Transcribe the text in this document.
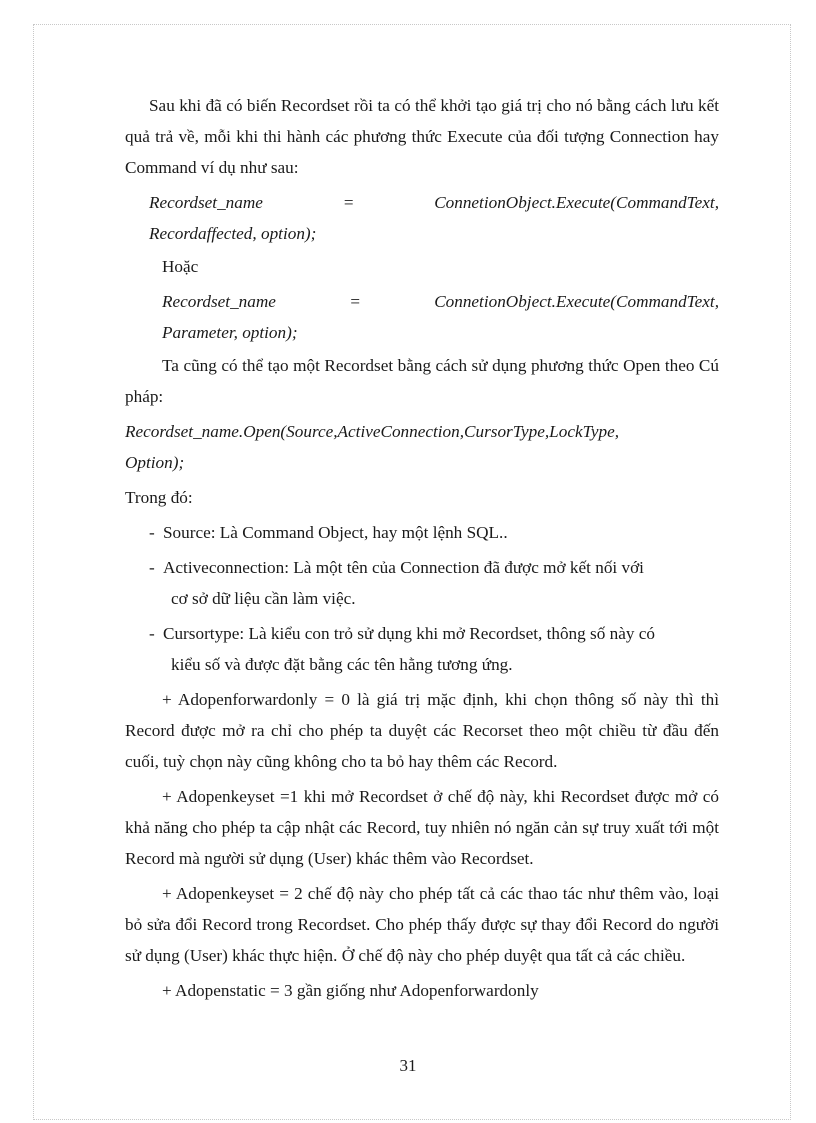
Sau khi đã có biến Recordset rồi ta có thể khởi tạo giá trị cho nó bằng cách lưu kết quả trả về, mỗi khi thi hành các phương thức Execute của đối tượng Connection hay Command ví dụ như sau:

Recordset_name	=	ConnetionObject.Execute(CommandText,
Recordaffected, option);

Hoặc

Recordset_name	=	ConnetionObject.Execute(CommandText,
Parameter, option);

Ta cũng có thể tạo một Recordset bằng cách sử dụng phương thức Open theo Cú pháp:

Recordset_name.Open(Source,ActiveConnection,CursorType,LockType,
Option);

Trong đó:

- Source: Là Command Object, hay một lệnh SQL..
- Activeconnection: Là một tên của Connection đã được mở kết nối với
cơ sở dữ liệu cần làm việc.
- Cursortype: Là kiểu con trỏ sử dụng khi mở Recordset, thông số này có
kiểu số và được đặt bằng các tên hằng tương ứng.

+ Adopenforwardonly = 0 là giá trị mặc định, khi chọn thông số này thì thì Record được mở ra chỉ cho phép ta duyệt các Recorset theo một chiều từ đầu đến cuối, tuỳ chọn này cũng không cho ta bỏ hay thêm các Record.

+ Adopenkeyset =1 khi mở Recordset ở chế độ này, khi Recordset được mở có khả năng cho phép ta cập nhật các Record, tuy nhiên nó ngăn cản sự truy xuất tới một Record mà người sử dụng (User) khác thêm vào Recordset.

+ Adopenkeyset = 2 chế độ này cho phép tất cả các thao tác như thêm vào, loại bỏ sửa đổi Record trong Recordset. Cho phép thấy được sự thay đổi Record do người sử dụng (User) khác thực hiện. Ở chế độ này cho phép duyệt qua tất cả các chiều.

+ Adopenstatic = 3 gần giống như Adopenforwardonly

31
